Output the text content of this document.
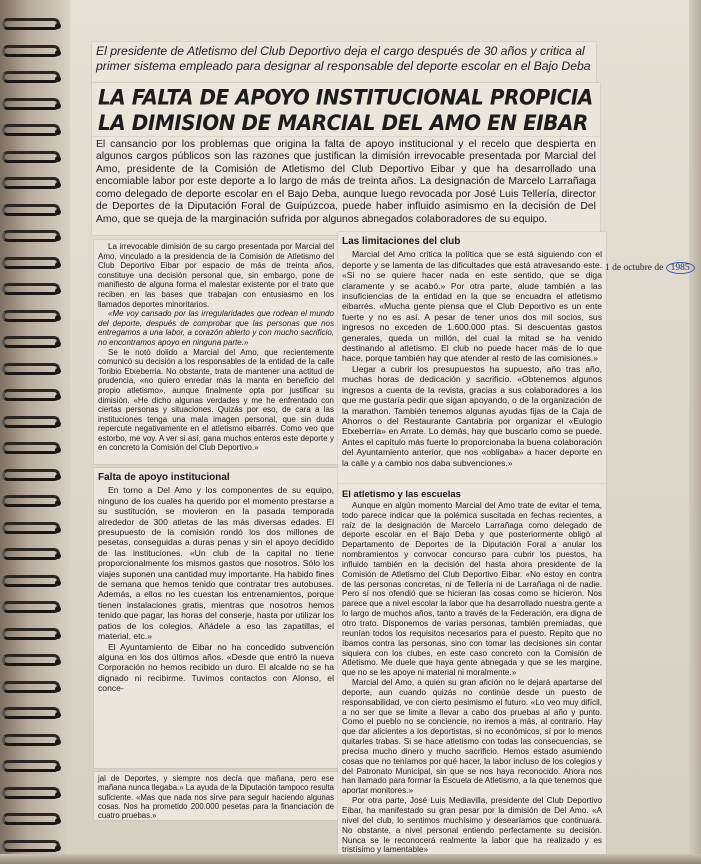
El presidente de Atletismo del Club Deportivo deja el cargo después de 30 años y critica al primer sistema empleado para designar al responsable del deporte escolar en el Bajo Deba
LA FALTA DE APOYO INSTITUCIONAL PROPICIA
LA DIMISION DE MARCIAL DEL AMO EN EIBAR
El cansancio por los problemas que origina la falta de apoyo institucional y el recelo que despierta en algunos cargos públicos son las razones que justifican la dimisión irrevocable presentada por Marcial del Amo, presidente de la Comisión de Atletismo del Club Deportivo Eibar y que ha desarrollado una encomiable labor por este deporte a lo largo de más de treinta años. La designación de Marcelo Larrañaga como delegado de deporte escolar en el Bajo Deba, aunque luego revocada por José Luis Tellería, director de Deportes de la Diputación Foral de Guipúzcoa, puede haber influido asimismo en la decisión de Del Amo, que se queja de la marginación sufrida por algunos abnegados colaboradores de su equipo.

La irrevocable dimisión de su cargo presentada por Marcial del Amo, vinculado a la presidencia de la Comisión de Atletismo del Club Deportivo Eibar por espacio de más de treinta años, constituye una decisión personal que, sin embargo, pone de manifiesto de alguna forma el malestar existente por el trato que reciben en las bases que trabajan con entusiasmo en los llamados deportes minoritarios.

«Me voy cansado por las irregularidades que rodean el mundo del deporte, después de comprobar que las personas que nos entregamos a una labor, a corazón abierto y con mucho sacrificio, no encontramos apoyo en ninguna parte.»

Se le notó dolido a Marcial del Amo, que recientemente comunicó su decisión a los responsables de la entidad de la calle Toribio Etxeberria. No obstante, trata de mantener una actitud de prudencia, «no quiero enredar más la manta en beneficio del propio atletismo», aunque finalmente opta por justificar su dimisión. «He dicho algunas verdades y me he enfrentado con ciertas personas y situaciones. Quizás por eso, de cara a las instituciones tenga una mala imagen personal, que sin duda repercute negativamente en el atletismo eibarrés. Como veo que estorbo, me voy. A ver si así, gana muchos enteros este deporte y en concreto la Comisión del Club Deportivo.»

Falta de apoyo institucional

En torno a Del Amo y los componentes de su equipo, ninguno de los cuales ha querido por el momento prestarse a su sustitución, se movieron en la pasada temporada alrededor de 300 atletas de las más diversas edades. El presupuesto de la comisión rondó los dos millones de pesetas, conseguidas a duras penas y sin el apoyo decidido de las instituciones. «Un club de la capital no tiene proporcionalmente los mismos gastos que nosotros. Sólo los viajes suponen una cantidad muy importante. Ha habido fines de semana que hemos tenido que contratar tres autobuses. Además, a ellos no les cuestan los entrenamientos, porque tienen instalaciones gratis, mientras que nosotros hemos tenido que pagar, las horas del conserje, hasta por utilizar los patios de los colegios. Añádele a eso las zapatillas, el material, etc.»

El Ayuntamiento de Eibar no ha concedido subvención alguna en los dos últimos años. «Desde que entró la nueva Corporación no hemos recibido un duro. El alcalde no se ha dignado ni recibirme. Tuvimos contactos con Alonso, el conce-

jal de Deportes, y siempre nos decía que mañana, pero ese mañana nunca llegaba.» La ayuda de la Diputación tampoco resulta suficiente. «Mas que nada nos sirve para seguir haciendo algunas cosas. Nos ha prometido 200.000 pesetas para la financiación de cuatro pruebas.»

Las limitaciones del club

Marcial del Amo critica la política que se está siguiendo con el deporte y se lamenta de las dificultades que está atravesando este. «Si no se quiere hacer nada en este sentido, que se diga claramente y se acabó.» Por otra parte, alude también a las insuficiencias de la entidad en la que se encuadra el atletismo eibarrés. «Mucha gente piensa que el Club Deportivo es un ente fuerte y no es así. A pesar de tener unos dos mil socios, sus ingresos no exceden de 1.600.000 ptas. Si descuentas gastos generales, queda un millón, del cual la mitad se ha venido destinando al atletismo. El club no puede hacer más de lo que hace, porque también hay que atender al resto de las comisiones.»

Llegar a cubrir los presupuestos ha supuesto, año tras año, muchas horas de dedicación y sacrificio. «Obtenemos algunos ingresos a cuenta de la revista, gracias a sus colaboradores a los que me gustaría pedir que sigan apoyando, o de la organización de la marathon. También tenemos algunas ayudas fijas de la Caja de Ahorros o del Restaurante Cantabria por organizar el «Eulogio Etxeberria» en Arrate. Lo demás, hay que buscarlo como se puede. Antes el capítulo más fuerte lo proporcionaba la buena colaboración del Ayuntamiento anterior, que nos «obligaba» a hacer deporte en la calle y a cambio nos daba subvenciones.»

El atletismo y las escuelas

Aunque en algún momento Marcial del Amo trate de evitar el tema, todo parece indicar que la polémica suscitada en fechas recientes, a raíz de la designación de Marcelo Larrañaga como delegado de deporte escolar en el Bajo Deba y que posteriormente obligó al Departamento de Deportes de la Diputación Foral a anular los nombramientos y convocar concurso para cubrir los puestos, ha influido también en la decisión del hasta ahora presidente de la Comisión de Atletismo del Club Deportivo Eibar. «No estoy en contra de las personas concretas, ni de Tellería ni de Larrañaga ni de nadie. Pero sí nos ofendió que se hicieran las cosas como se hicieron. Nos parece que a nivel escolar la labor que ha desarrollado nuestra gente a lo largo de muchos años, tanto a través de la Federación, era digna de otro trato. Disponemos de varias personas, también premiadas, que reunían todos los requisitos necesarios para el puesto. Repito que no íbamos contra las personas, sino con tomar las decisiones sin contar siquiera con los clubes, en este caso concreto con la Comisión de Atletismo. Me duele que haya gente abnegada y que se les margine, que no se les apoye ni material ni moralmente.»

Marcial del Amo, a quien su gran afición no le dejará apartarse del deporte, aun cuando quizás no continúe desde un puesto de responsabilidad, ve con cierto pesimismo el futuro. «Lo veo muy difícil, a no ser que se limite a llevar a cabo dos pruebas al año y punto. Como el pueblo no se conciencie, no iremos a más, al contrario. Hay que dar alicientes a los deportistas, si no económicos, sí por lo menos quitarles trabas. Si se hace atletismo con todas las consecuencias, se precisa mucho dinero y mucho sacrificio. Hemos estado asumiendo cosas que no teníamos por qué hacer, la labor incluso de los colegios y del Patronato Municipal, sin que se nos haya reconocido. Ahora nos han llamado para formar la Escuela de Atletismo, a la que tenemos que aportar monitores.»

Por otra parte, José Luis Mediavilla, presidente del Club Deportivo Eibar, ha manifestado su gran pesar por la dimisión de Del Amo. «A nivel del club, lo sentimos muchísimo y desearíamos que continuara. No obstante, a nivel personal entiendo perfectamente su decisión. Nunca se le reconocerá realmente la labor que ha realizado y es tristísimo y lamentable»

1 de octubre de 1985
